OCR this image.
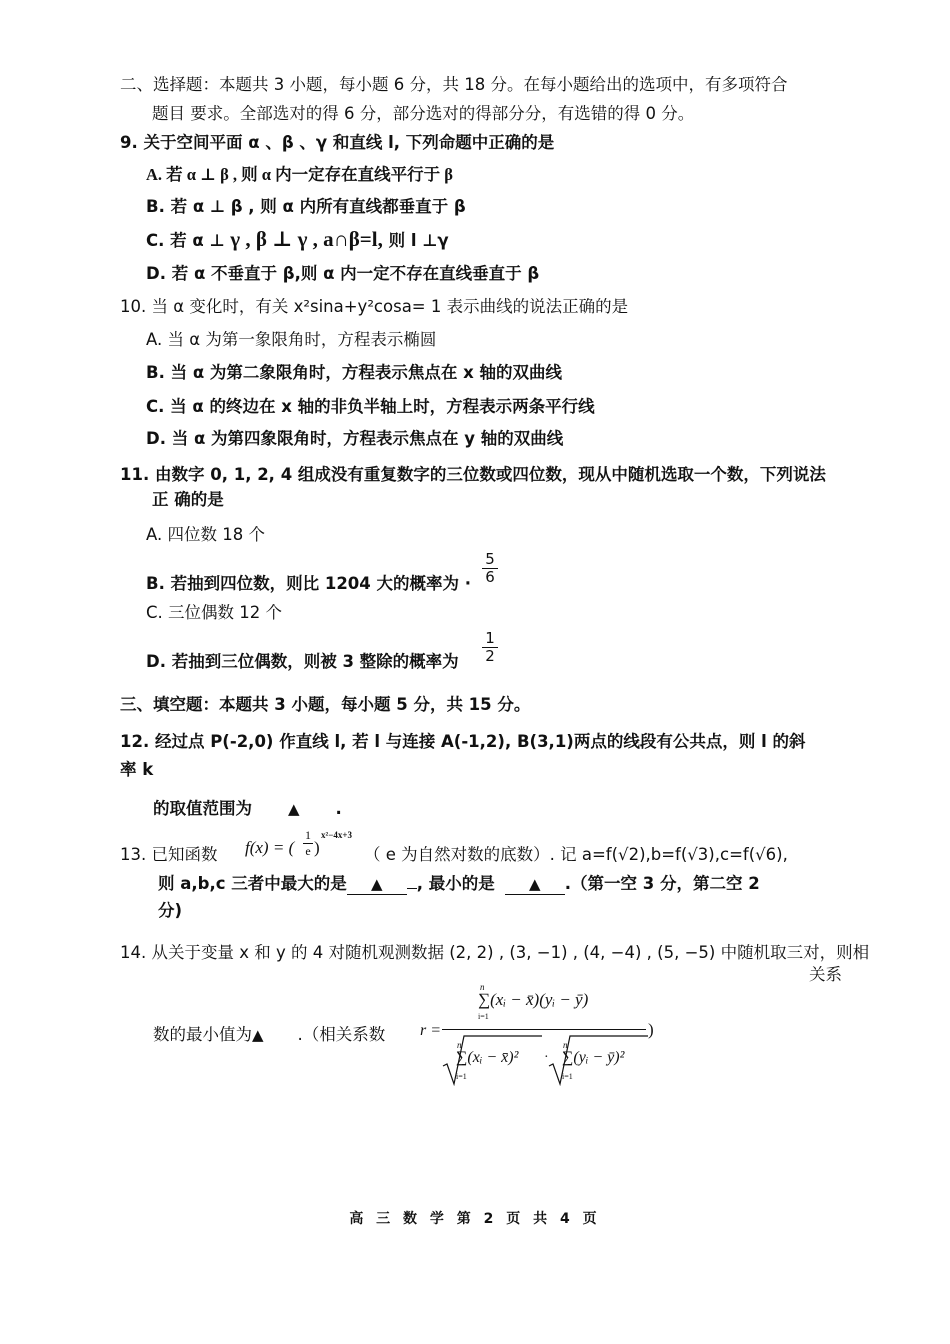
二、选择题：本题共 3 小题，每小题 6 分，共 18 分。在每小题给出的选项中，有多项符合
题目 要求。全部选对的得 6 分，部分选对的得部分分，有选错的得 0 分。
9. 关于空间平面 α 、β 、γ 和直线 l, 下列命题中正确的是
A. 若 α ⊥ β , 则 α 内一定存在直线平行于 β
B. 若 α ⊥ β , 则 α 内所有直线都垂直于 β
C. 若 α ⊥ γ , β ⊥ γ , a∩β=l, 则 l ⊥γ
D. 若 α 不垂直于 β,则 α 内一定不存在直线垂直于 β
10. 当 α 变化时，有关 x²sina+y²cosa= 1 表示曲线的说法正确的是
A. 当 α 为第一象限角时，方程表示椭圆
B. 当 α 为第二象限角时，方程表示焦点在 x 轴的双曲线
C. 当 α 的终边在 x 轴的非负半轴上时，方程表示两条平行线
D. 当 α 为第四象限角时，方程表示焦点在 y 轴的双曲线
11. 由数字 0, 1, 2, 4 组成没有重复数字的三位数或四位数，现从中随机选取一个数，下列说法
正 确的是
A. 四位数 18 个
B. 若抽到四位数，则比 1204 大的概率为 · $\frac{5}{6}$
C. 三位偶数 12 个
D. 若抽到三位偶数，则被 3 整除的概率为 $\frac{1}{2}$
三、填空题：本题共 3 小题，每小题 5 分，共 15 分。
12. 经过点 P(-2,0) 作直线 l, 若 l 与连接 A(-1,2), B(3,1)两点的线段有公共点，则 l 的斜
率 k
的取值范围为 ▲ .
13. 已知函数 f(x) = (
1
e )
x²−4x+3
（ e 为自然对数的底数）. 记 a=f(√2),b=f(√3),c=f(√6),
则 a,b,c 三者中最大的是 ▲ , 最小的是 ▲ .（第一空 3 分，第二空 2
分)
14. 从关于变量 x 和 y 的 4 对随机观测数据 (2, 2) , (3, −1) , (4, −4) , (5, −5) 中随机取三对，则相
关系
数的最小值为▲ .（相关系数 r =
n
i=1
∑(xᵢ − x̄)(yᵢ − ȳ)
n
i=1
∑(xᵢ − x̄)² ·
n
i=1
∑(yᵢ − ȳ)²
)
高 三 数 学 第 2 页 共 4 页
